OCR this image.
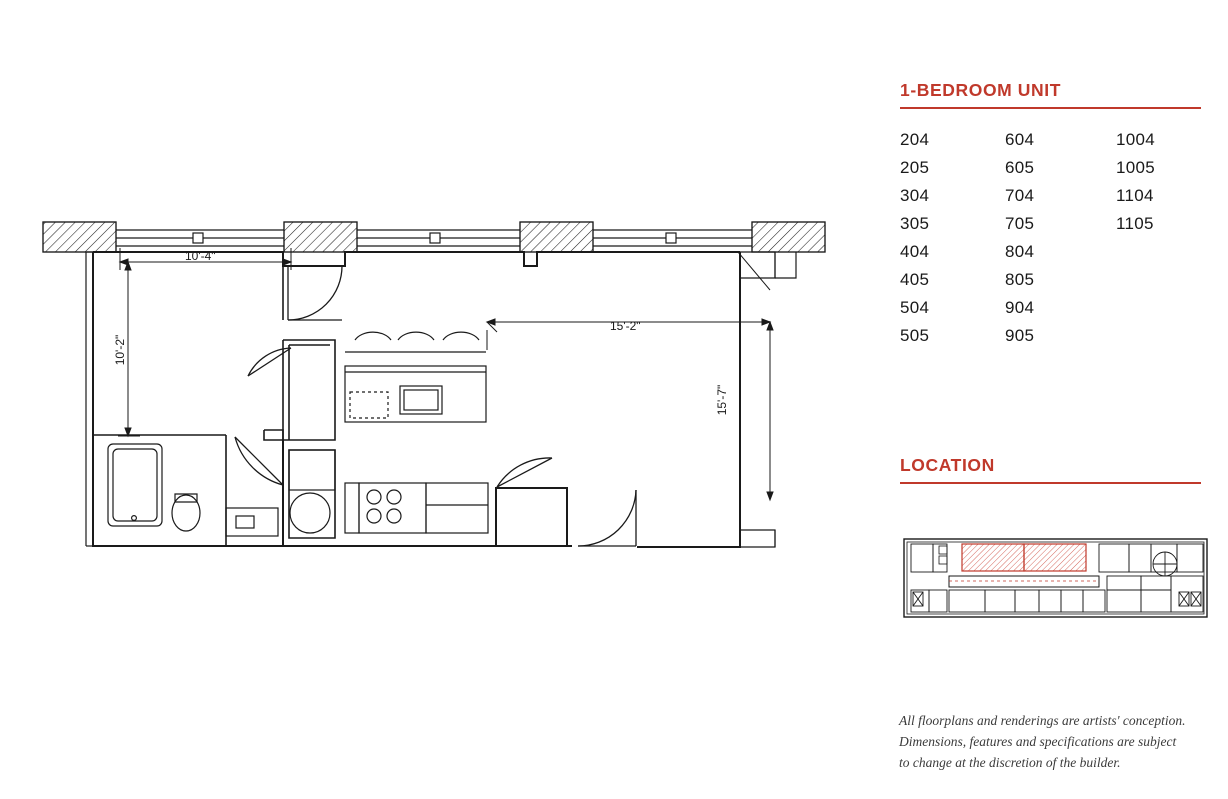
10'-4"
10'-2"
15'-2"
15'-7"
1-BEDROOM UNIT
204	604	1004
205	605	1005
304	704	1104
305	705	1105
404	804
405	805
504	904
505	905
LOCATION
All floorplans and renderings are artists' conception.
Dimensions, features and specifications are subject
to change at the discretion of the builder.
